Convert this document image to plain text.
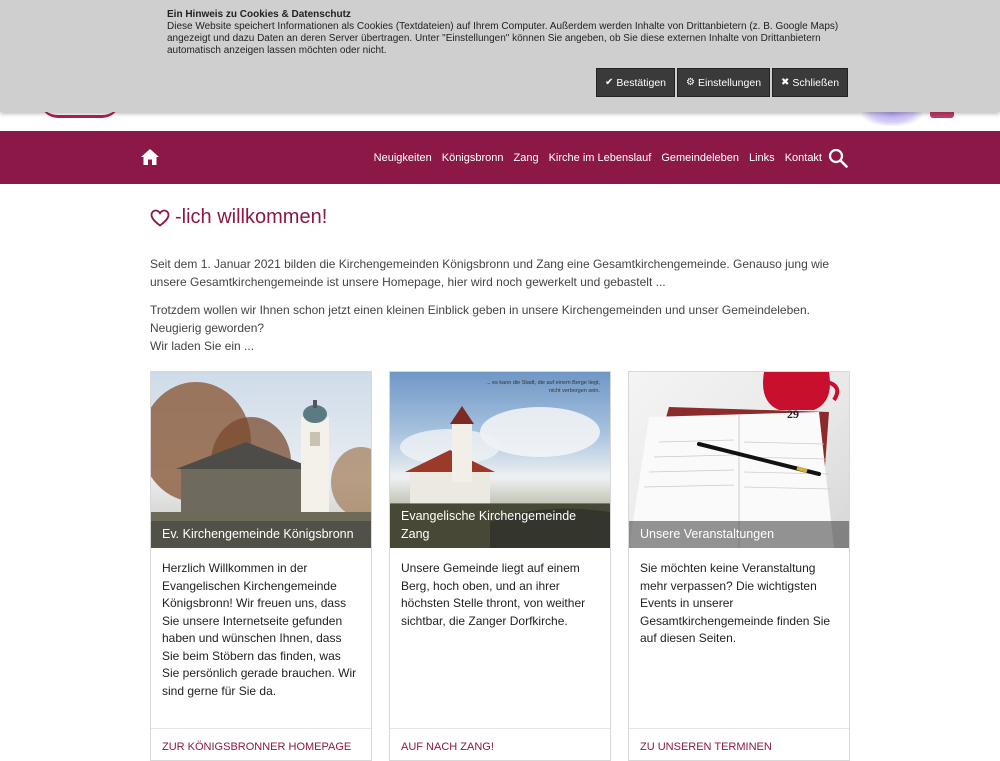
Ein Hinweis zu Cookies & Datenschutz
Diese Website speichert Informationen als Cookies (Textdateien) auf Ihrem Computer. Außerdem werden Inhalte von Drittanbietern (z. B. Google Maps) angezeigt und dazu Daten an deren Server übertragen. Unter "Einstellungen" können Sie angeben, ob Sie diese externen Inhalte von Drittanbietern automatisch anzeigen lassen möchten oder nicht.
✔ Bestätigen ⚙ Einstellungen ✖ Schließen
Neuigkeiten Königsbronn Zang Kirche im Lebenslauf Gemeindeleben Links Kontakt
-lich willkommen!

Seit dem 1. Januar 2021 bilden die Kirchengemeinden Königsbronn und Zang eine Gesamtkirchengemeinde. Genauso jung wie unsere Gesamtkirchengemeinde ist unsere Homepage, hier wird noch gewerkelt und gebastelt ...

Trotzdem wollen wir Ihnen schon jetzt einen kleinen Einblick geben in unsere Kirchengemeinden und unser Gemeindeleben.
Neugierig geworden?
Wir laden Sie ein ...

Ev. Kirchengemeinde Königsbronn
Herzlich Willkommen in der Evangelischen Kirchengemeinde Königsbronn! Wir freuen uns, dass Sie unsere Internetseite gefunden haben und wünschen Ihnen, dass Sie beim Stöbern das finden, was Sie persönlich gerade brauchen. Wir sind gerne für Sie da.
ZUR KÖNIGSBRONNER HOMEPAGE
... es kann die Stadt, die auf einem Berge liegt,
nicht verborgen sein.
Evangelische Kirchengemeinde Zang
Unsere Gemeinde liegt auf einem Berg, hoch oben, und an ihrer höchsten Stelle thront, von weither sichtbar, die Zanger Dorfkirche.
AUF NACH ZANG!
29
Unsere Veranstaltungen
Sie möchten keine Veranstaltung mehr verpassen? Die wichtigsten Events in unserer Gesamtkirchengemeinde finden Sie auf diesen Seiten.
ZU UNSEREN TERMINEN
